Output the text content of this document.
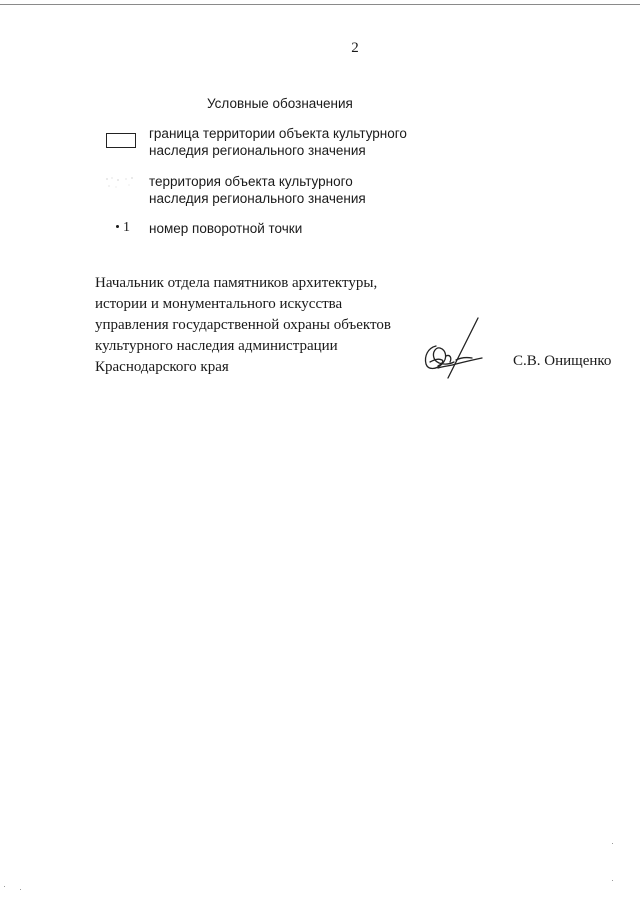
2
Условные обозначения
граница территории объекта культурного
наследия регионального значения
территория объекта культурного
наследия регионального значения
1 номер поворотной точки
Начальник отдела памятников архитектуры,
истории и монументального искусства
управления государственной охраны объектов
культурного наследия администрации
Краснодарского края	С.В. Онищенко
